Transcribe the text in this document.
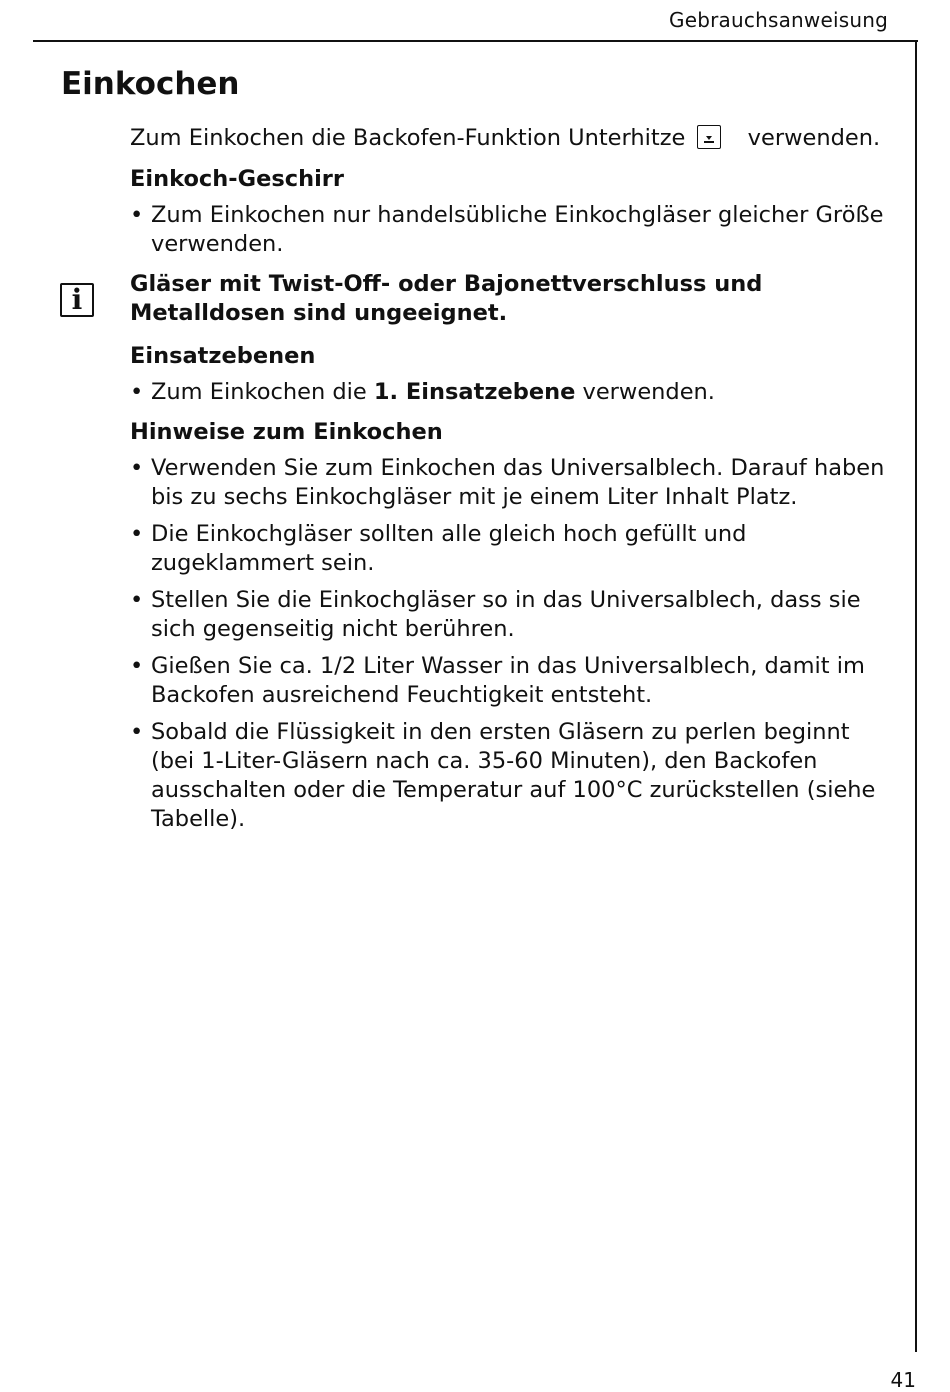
Gebrauchsanweisung
Einkochen
i

Zum Einkochen die Backofen-Funktion Unterhitze	verwenden.

Einkoch-Geschirr
• Zum Einkochen nur handelsübliche Einkochgläser gleicher Größe verwenden.

Gläser mit Twist-Off- oder Bajonettverschluss und Metalldosen sind ungeeignet.

Einsatzebenen
• Zum Einkochen die 1. Einsatzebene verwenden.
Hinweise zum Einkochen
• Verwenden Sie zum Einkochen das Universalblech. Darauf haben bis zu sechs Einkochgläser mit je einem Liter Inhalt Platz.
• Die Einkochgläser sollten alle gleich hoch gefüllt und zugeklammert sein.
• Stellen Sie die Einkochgläser so in das Universalblech, dass sie sich gegenseitig nicht berühren.
• Gießen Sie ca. 1/2 Liter Wasser in das Universalblech, damit im Backofen ausreichend Feuchtigkeit entsteht.
• Sobald die Flüssigkeit in den ersten Gläsern zu perlen beginnt (bei 1-Liter-Gläsern nach ca. 35-60 Minuten), den Backofen ausschalten oder die Temperatur auf 100°C zurückstellen (siehe Tabelle).
41
